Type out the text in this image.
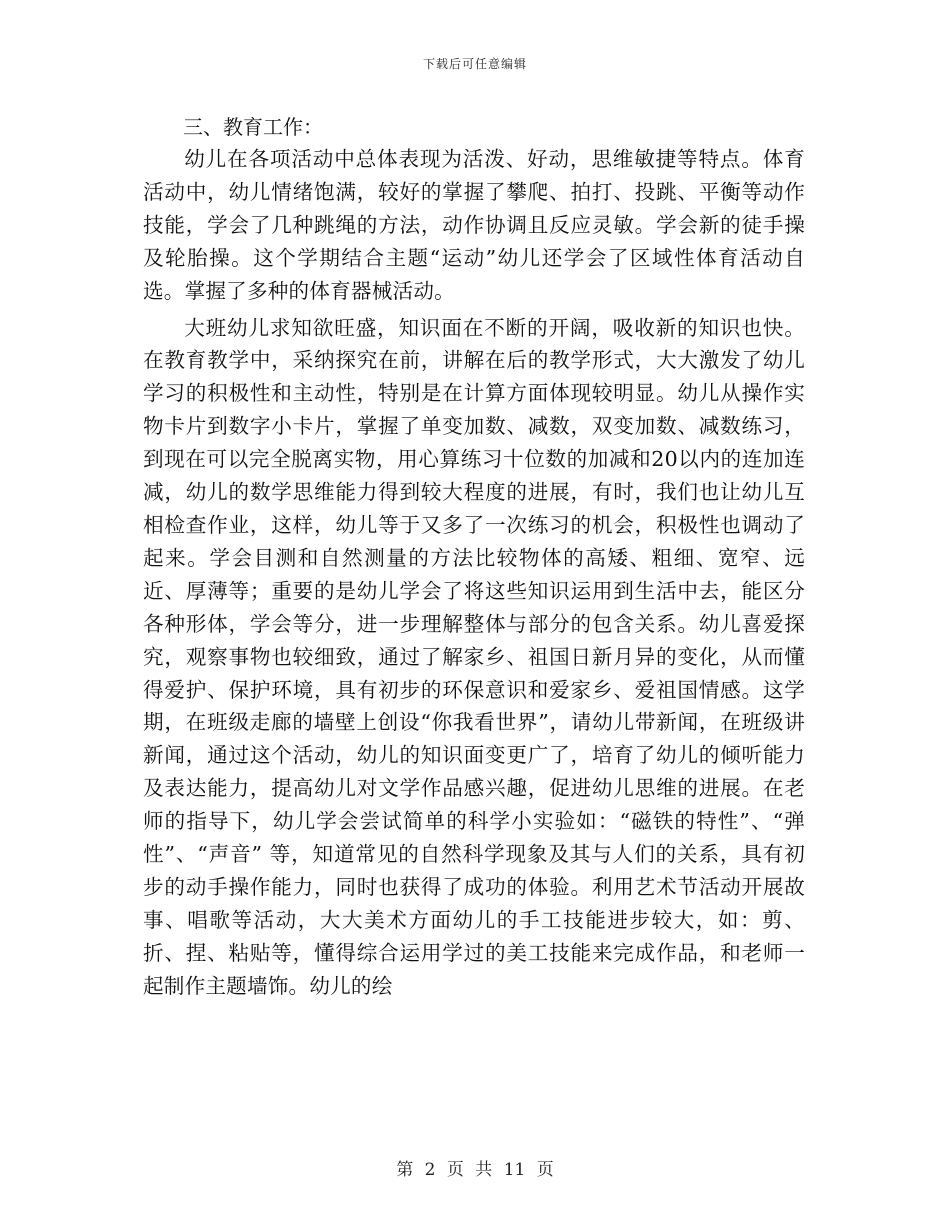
下载后可任意编辑
三、教育工作：

幼儿在各项活动中总体表现为活泼、好动，思维敏捷等特点。体育活动中，幼儿情绪饱满，较好的掌握了攀爬、拍打、投跳、平衡等动作技能，学会了几种跳绳的方法，动作协调且反应灵敏。学会新的徒手操及轮胎操。这个学期结合主题“运动”幼儿还学会了区域性体育活动自选。掌握了多种的体育器械活动。

大班幼儿求知欲旺盛，知识面在不断的开阔，吸收新的知识也快。在教育教学中，采纳探究在前，讲解在后的教学形式，大大激发了幼儿学习的积极性和主动性，特别是在计算方面体现较明显。幼儿从操作实物卡片到数字小卡片，掌握了单变加数、减数，双变加数、减数练习，到现在可以完全脱离实物，用心算练习十位数的加减和20以内的连加连减，幼儿的数学思维能力得到较大程度的进展，有时，我们也让幼儿互相检查作业，这样，幼儿等于又多了一次练习的机会，积极性也调动了起来。学会目测和自然测量的方法比较物体的高矮、粗细、宽窄、远近、厚薄等；重要的是幼儿学会了将这些知识运用到生活中去，能区分各种形体，学会等分，进一步理解整体与部分的包含关系。幼儿喜爱探究，观察事物也较细致，通过了解家乡、祖国日新月异的变化，从而懂得爱护、保护环境，具有初步的环保意识和爱家乡、爱祖国情感。这学期，在班级走廊的墙壁上创设“你我看世界”，请幼儿带新闻，在班级讲新闻，通过这个活动，幼儿的知识面变更广了，培育了幼儿的倾听能力及表达能力，提高幼儿对文学作品感兴趣，促进幼儿思维的进展。在老师的指导下，幼儿学会尝试简单的科学小实验如：“磁铁的特性”、“弹性”、“声音” 等，知道常见的自然科学现象及其与人们的关系，具有初步的动手操作能力，同时也获得了成功的体验。利用艺术节活动开展故事、唱歌等活动，大大美术方面幼儿的手工技能进步较大，如：剪、折、捏、粘贴等，懂得综合运用学过的美工技能来完成作品，和老师一起制作主题墙饰。幼儿的绘

第 2 页 共 11 页
